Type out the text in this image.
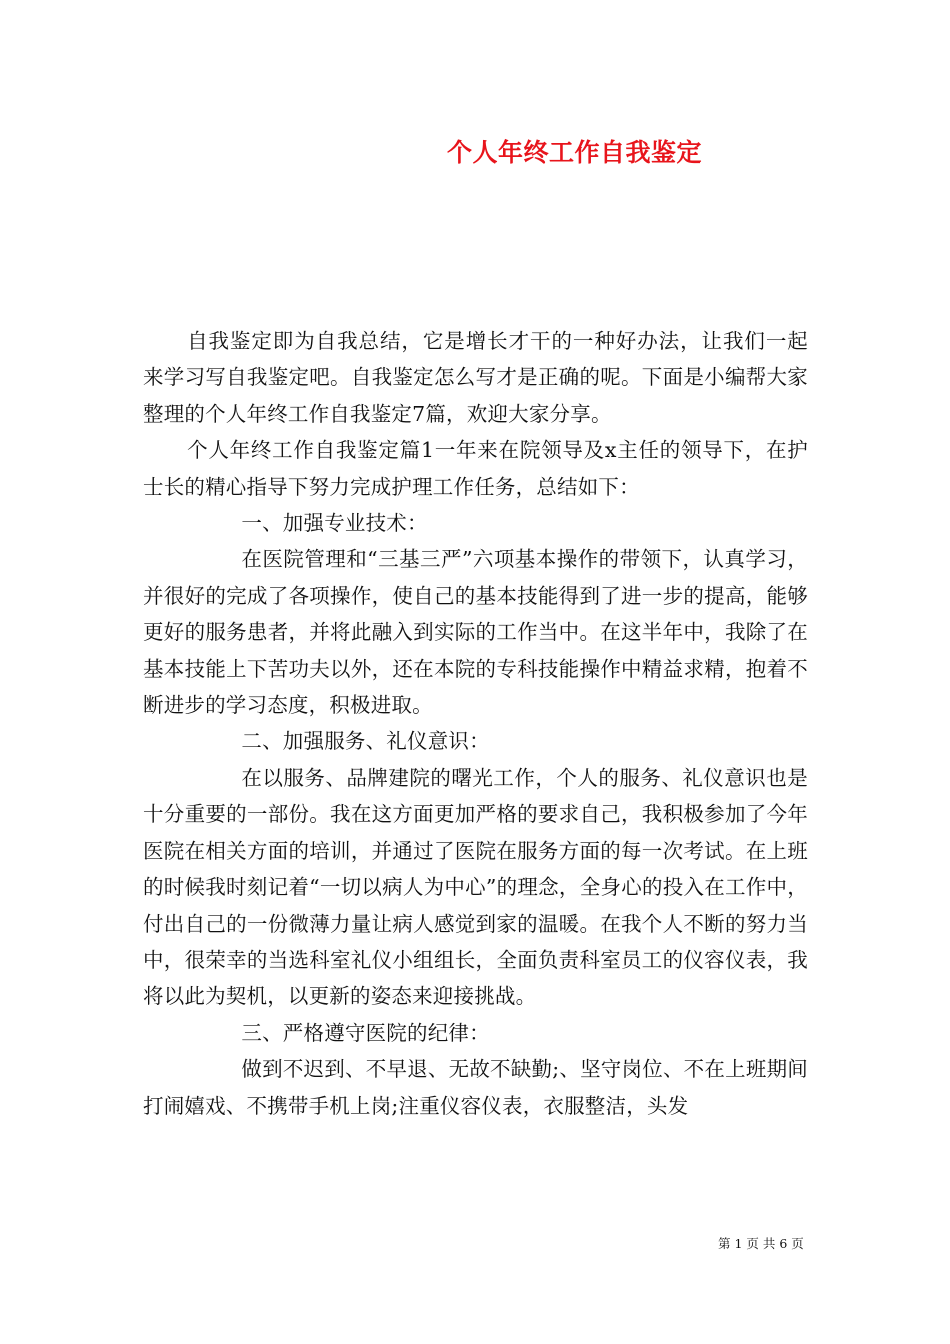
个人年终工作自我鉴定

自我鉴定即为自我总结，它是增长才干的一种好办法，让我们一起来学习写自我鉴定吧。自我鉴定怎么写才是正确的呢。下面是小编帮大家整理的个人年终工作自我鉴定7篇，欢迎大家分享。

个人年终工作自我鉴定篇1一年来在院领导及x主任的领导下，在护士长的精心指导下努力完成护理工作任务，总结如下：

一、加强专业技术：

在医院管理和“三基三严”六项基本操作的带领下，认真学习，并很好的完成了各项操作，使自己的基本技能得到了进一步的提高，能够更好的服务患者，并将此融入到实际的工作当中。在这半年中，我除了在基本技能上下苦功夫以外，还在本院的专科技能操作中精益求精，抱着不断进步的学习态度，积极进取。

二、加强服务、礼仪意识：

在以服务、品牌建院的曙光工作，个人的服务、礼仪意识也是十分重要的一部份。我在这方面更加严格的要求自己，我积极参加了今年医院在相关方面的培训，并通过了医院在服务方面的每一次考试。在上班的时候我时刻记着“一切以病人为中心”的理念，全身心的投入在工作中，付出自己的一份微薄力量让病人感觉到家的温暖。在我个人不断的努力当中，很荣幸的当选科室礼仪小组组长，全面负责科室员工的仪容仪表，我将以此为契机，以更新的姿态来迎接挑战。

三、严格遵守医院的纪律：

做到不迟到、不早退、无故不缺勤;、坚守岗位、不在上班期间打闹嬉戏、不携带手机上岗;注重仪容仪表，衣服整洁，头发

第 1 页 共 6 页
